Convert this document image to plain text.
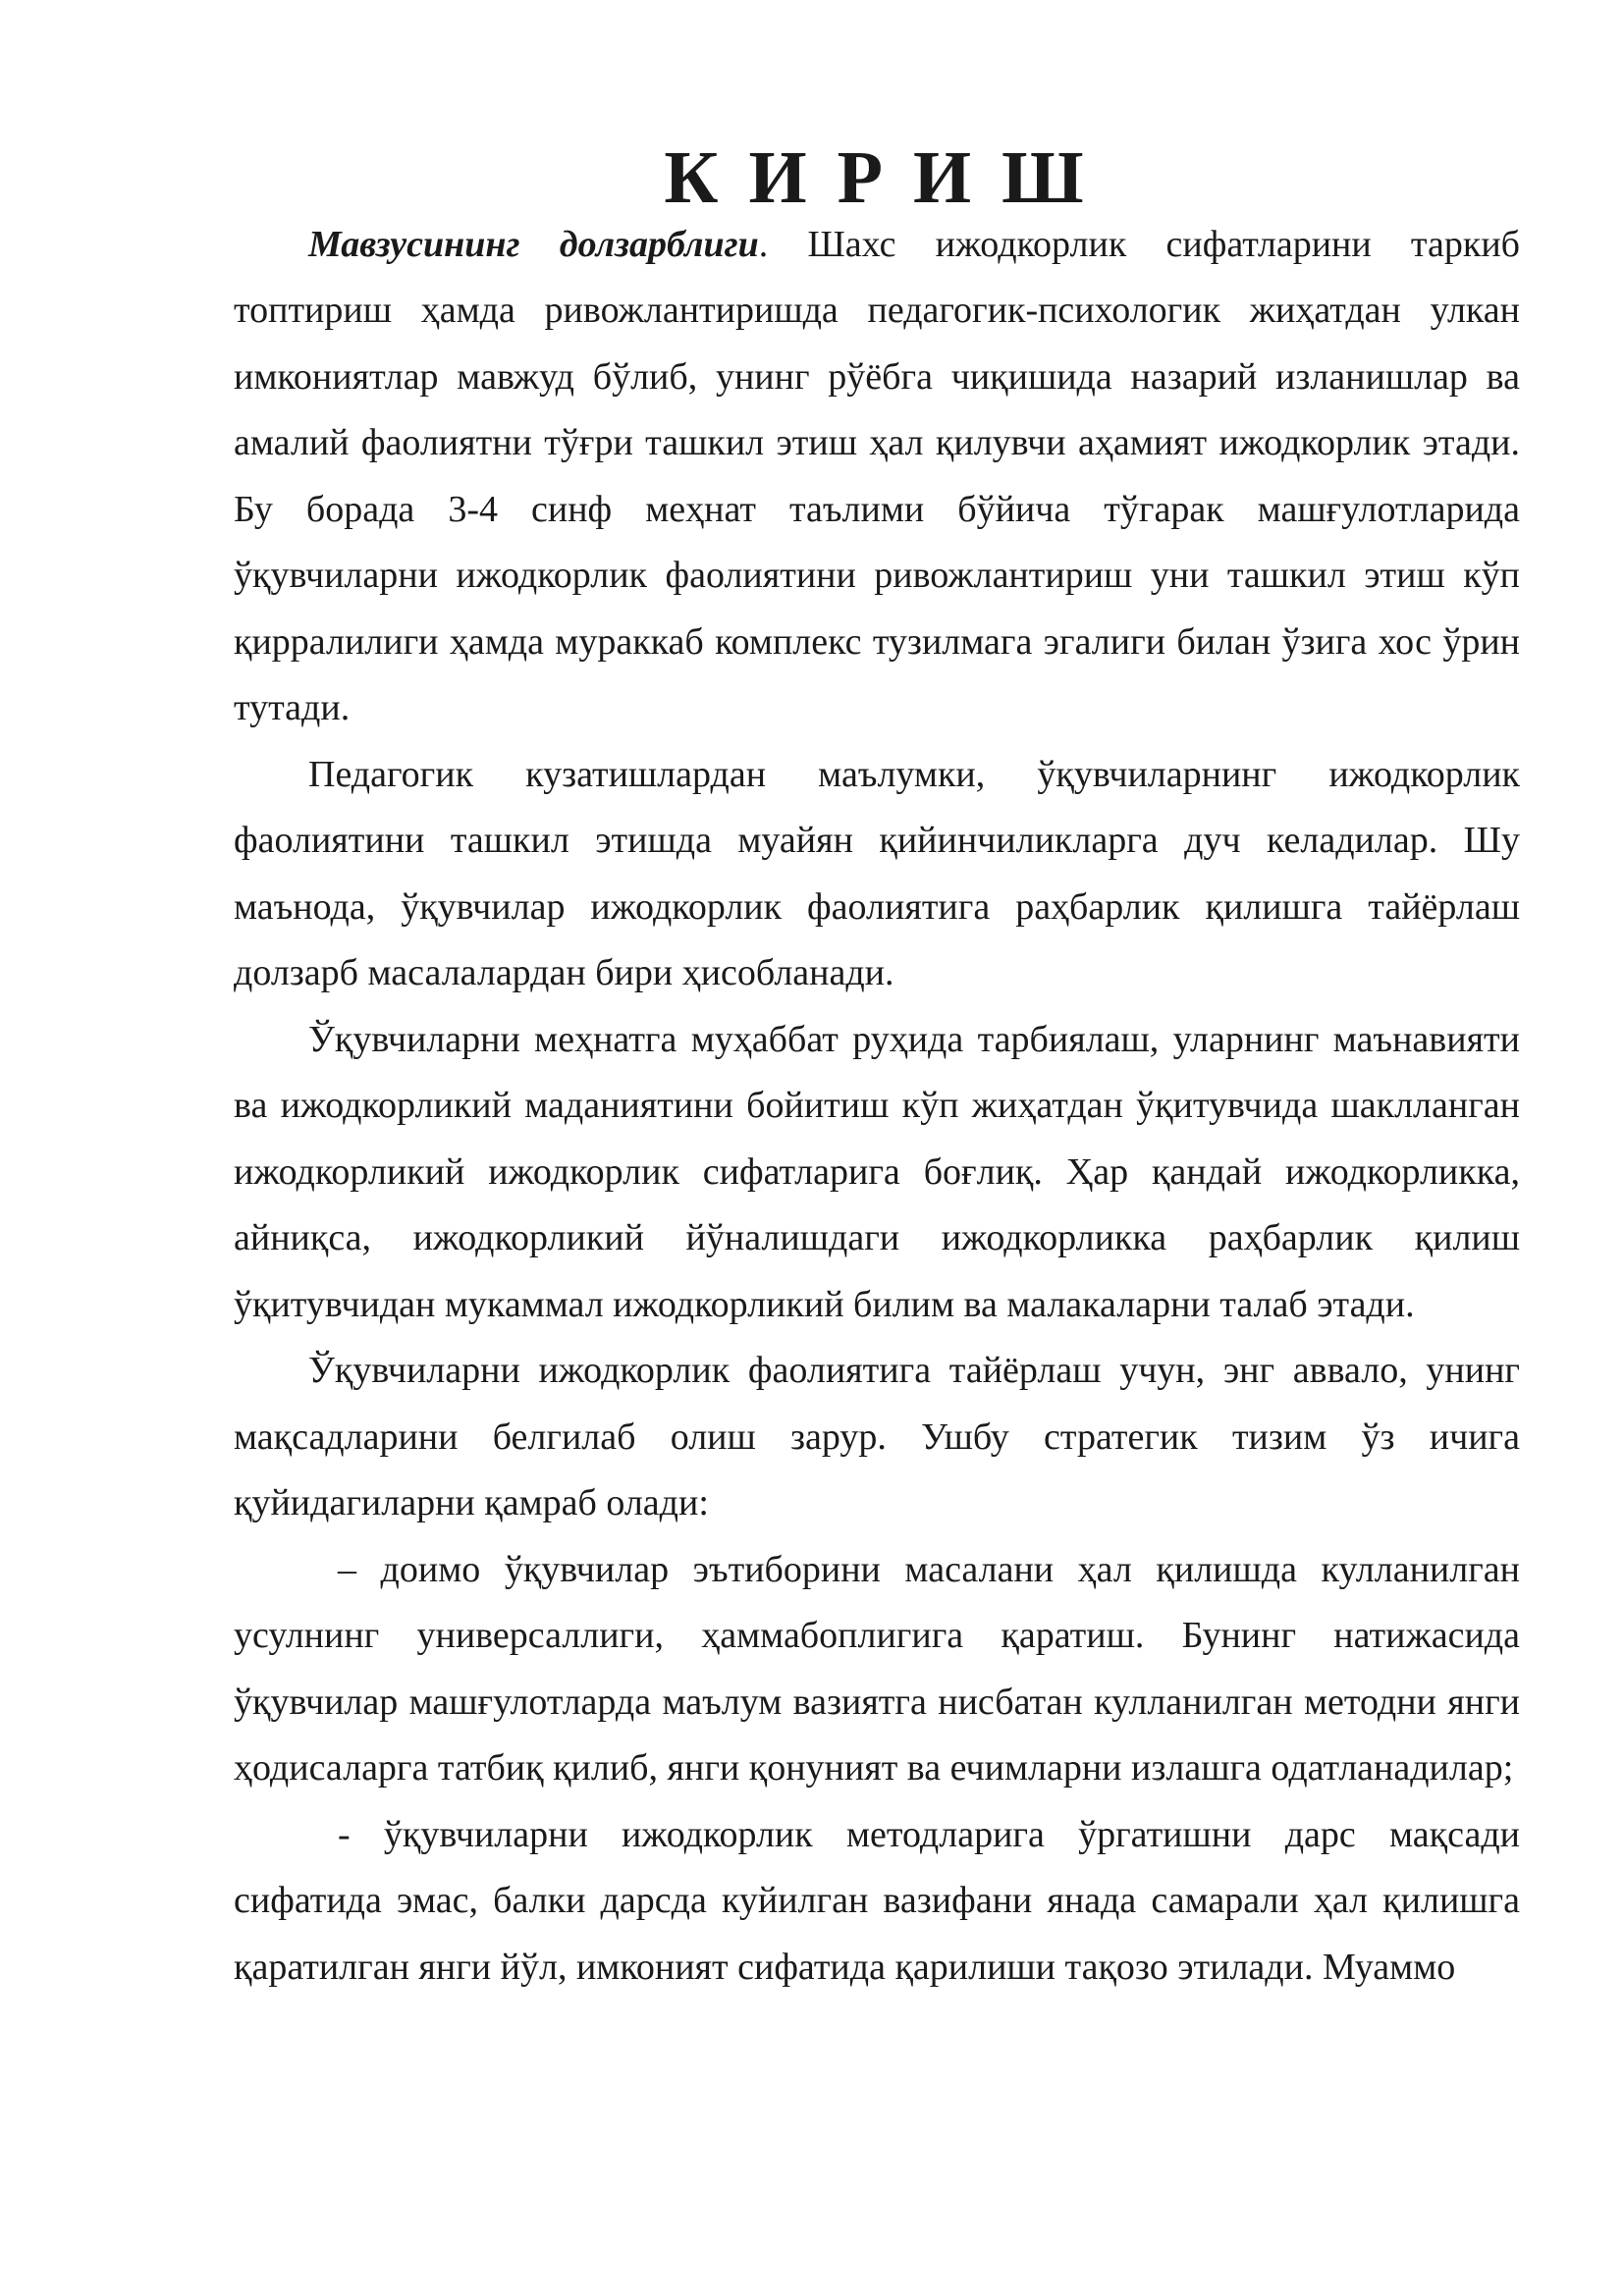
К И Р И Ш

Мавзусининг долзарблиги. Шахс ижодкорлик сифатларини таркиб топтириш ҳамда ривожлантиришда педагогик-психологик жиҳатдан улкан имкониятлар мавжуд бўлиб, унинг рўёбга чиқишида назарий изланишлар ва амалий фаолиятни тўғри ташкил этиш ҳал қилувчи аҳамият ижодкорлик этади. Бу борада 3-4 синф меҳнат таълими бўйича тўгарак машғулотларида ўқувчиларни ижодкорлик фаолиятини ривожлантириш уни ташкил этиш кўп қирралилиги ҳамда мураккаб комплекс тузилмага эгалиги билан ўзига хос ўрин тутади.

Педагогик кузатишлардан маълумки, ўқувчиларнинг ижодкорлик фаолиятини ташкил этишда муайян қийинчиликларга дуч келадилар. Шу маънода, ўқувчилар ижодкорлик фаолиятига раҳбарлик қилишга тайёрлаш долзарб масалалардан бири ҳисобланади.

Ўқувчиларни меҳнатга муҳаббат руҳида тарбиялаш, уларнинг маънавияти ва ижодкорликий маданиятини бойитиш кўп жиҳатдан ўқитувчида шаклланган ижодкорликий ижодкорлик сифатларига боғлиқ. Ҳар қандай ижодкорликка, айниқса, ижодкорликий йўналишдаги ижодкорликка раҳбарлик қилиш ўқитувчидан мукаммал ижодкорликий билим ва малакаларни талаб этади.

Ўқувчиларни ижодкорлик фаолиятига тайёрлаш учун, энг аввало, унинг мақсадларини белгилаб олиш зарур. Ушбу стратегик тизим ўз ичига қуйидагиларни қамраб олади:

– доимо ўқувчилар эътиборини масалани ҳал қилишда кулланилган усулнинг универсаллиги, ҳаммабоплигига қаратиш. Бунинг натижасида ўқувчилар машғулотларда маълум вазиятга нисбатан кулланилган методни янги ҳодисаларга татбиқ қилиб, янги қонуният ва ечимларни излашга одатланадилар;

- ўқувчиларни ижодкорлик методларига ўргатишни дарс мақсади сифатида эмас, балки дарсда куйилган вазифани янада самарали ҳал қилишга қаратилган янги йўл, имконият сифатида қарилиши тақозо этилади. Муаммо
